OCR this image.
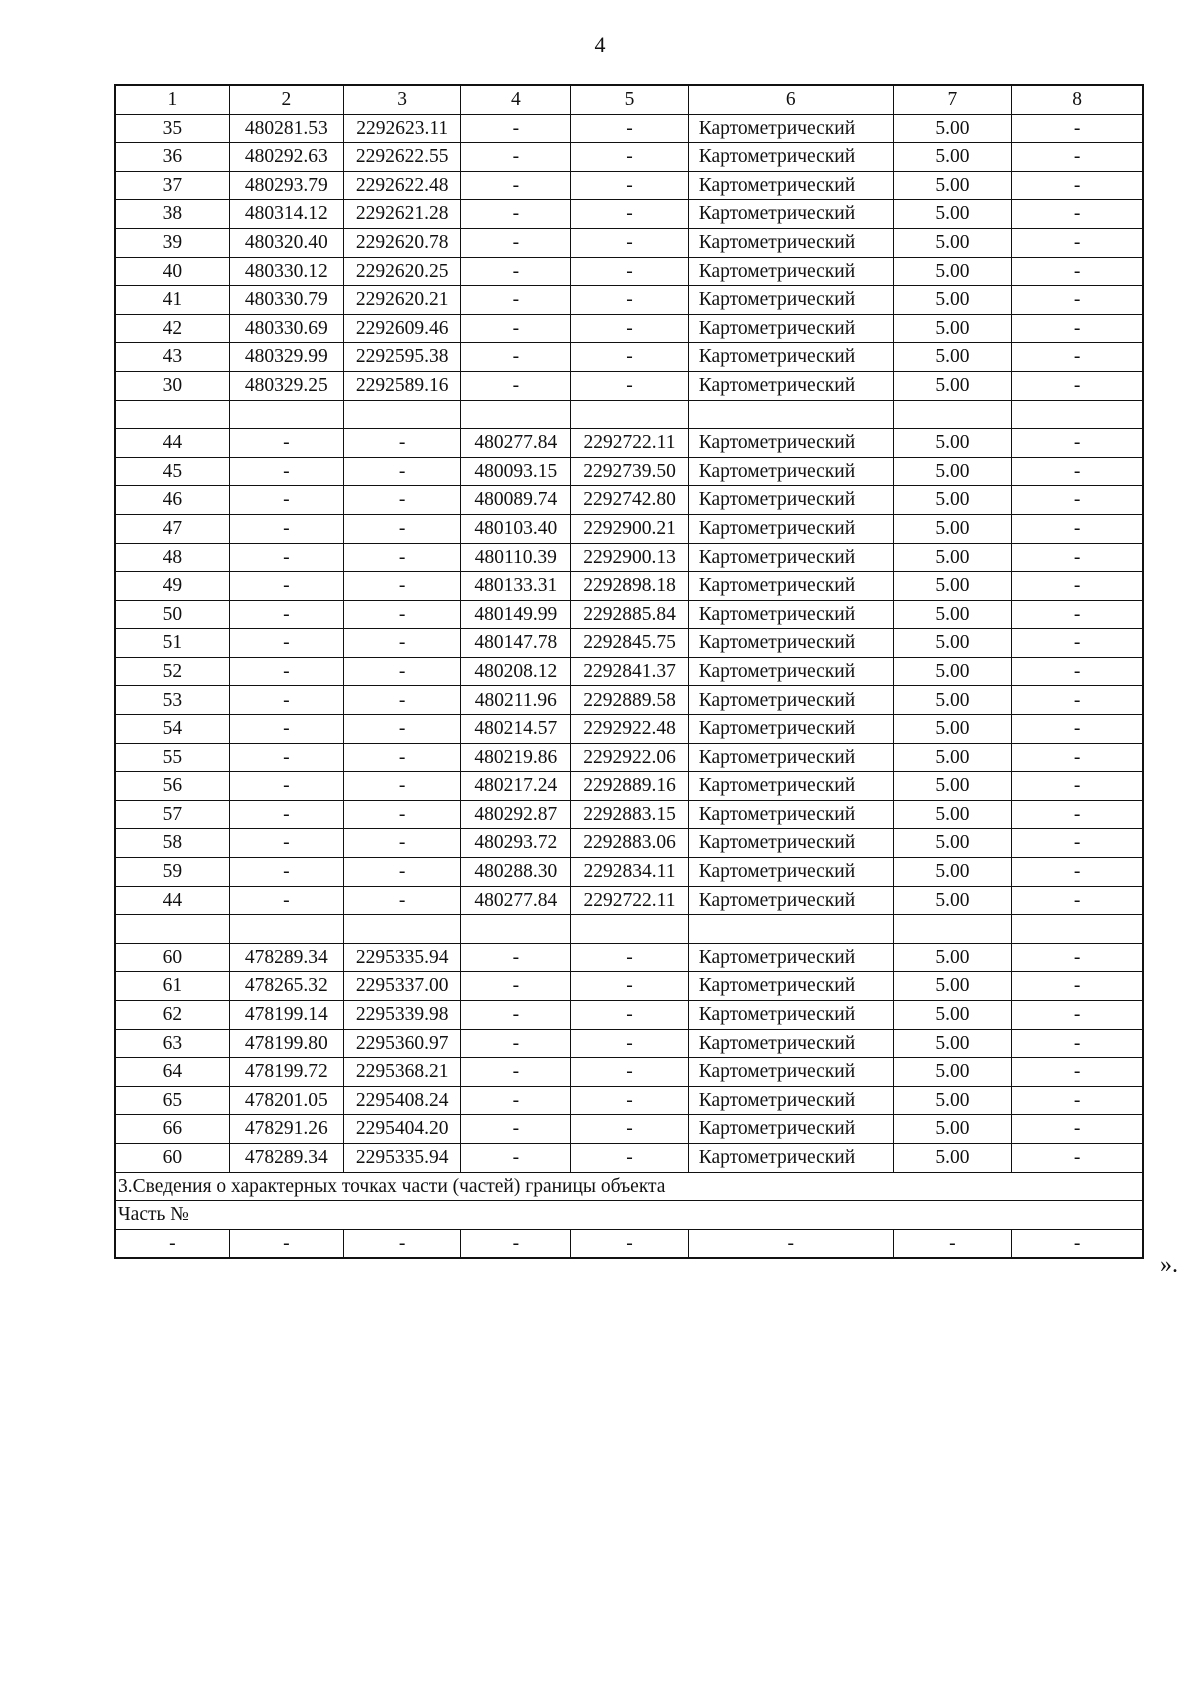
4
1	2	3	4	5	6	7	8
35	480281.53	2292623.11	-	-	Картометрический	5.00	-
36	480292.63	2292622.55	-	-	Картометрический	5.00	-
37	480293.79	2292622.48	-	-	Картометрический	5.00	-
38	480314.12	2292621.28	-	-	Картометрический	5.00	-
39	480320.40	2292620.78	-	-	Картометрический	5.00	-
40	480330.12	2292620.25	-	-	Картометрический	5.00	-
41	480330.79	2292620.21	-	-	Картометрический	5.00	-
42	480330.69	2292609.46	-	-	Картометрический	5.00	-
43	480329.99	2292595.38	-	-	Картометрический	5.00	-
30	480329.25	2292589.16	-	-	Картометрический	5.00	-

44	-	-	480277.84	2292722.11	Картометрический	5.00	-
45	-	-	480093.15	2292739.50	Картометрический	5.00	-
46	-	-	480089.74	2292742.80	Картометрический	5.00	-
47	-	-	480103.40	2292900.21	Картометрический	5.00	-
48	-	-	480110.39	2292900.13	Картометрический	5.00	-
49	-	-	480133.31	2292898.18	Картометрический	5.00	-
50	-	-	480149.99	2292885.84	Картометрический	5.00	-
51	-	-	480147.78	2292845.75	Картометрический	5.00	-
52	-	-	480208.12	2292841.37	Картометрический	5.00	-
53	-	-	480211.96	2292889.58	Картометрический	5.00	-
54	-	-	480214.57	2292922.48	Картометрический	5.00	-
55	-	-	480219.86	2292922.06	Картометрический	5.00	-
56	-	-	480217.24	2292889.16	Картометрический	5.00	-
57	-	-	480292.87	2292883.15	Картометрический	5.00	-
58	-	-	480293.72	2292883.06	Картометрический	5.00	-
59	-	-	480288.30	2292834.11	Картометрический	5.00	-
44	-	-	480277.84	2292722.11	Картометрический	5.00	-

60	478289.34	2295335.94	-	-	Картометрический	5.00	-
61	478265.32	2295337.00	-	-	Картометрический	5.00	-
62	478199.14	2295339.98	-	-	Картометрический	5.00	-
63	478199.80	2295360.97	-	-	Картометрический	5.00	-
64	478199.72	2295368.21	-	-	Картометрический	5.00	-
65	478201.05	2295408.24	-	-	Картометрический	5.00	-
66	478291.26	2295404.20	-	-	Картометрический	5.00	-
60	478289.34	2295335.94	-	-	Картометрический	5.00	-
3.Сведения о характерных точках части (частей) границы объекта							
Часть №							
-	-	-	-	-	-	-	-
».
